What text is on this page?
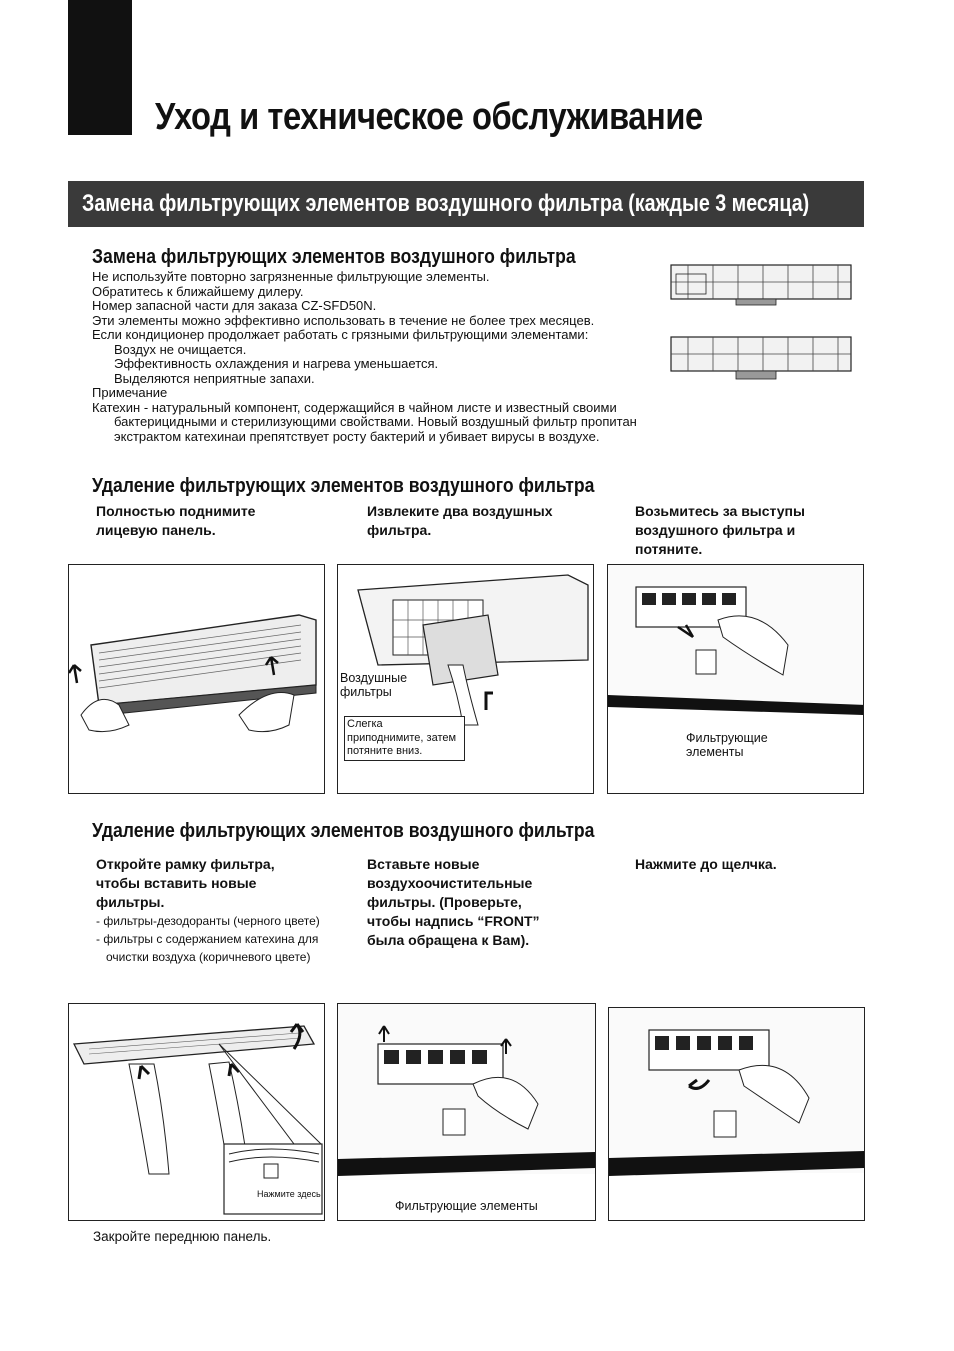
Уход и техническое обслуживание
Замена фильтрующих элементов воздушного фильтра (каждые 3 месяца)
Замена фильтрующих элементов воздушного фильтра
Не используйте повторно загрязненные фильтрующие элементы.
Обратитесь к ближайшему дилеру.
Номер запасной части для заказа CZ-SFD50N.
Эти элементы можно эффективно использовать в течение не более трех месяцев.
Если кондиционер продолжает работать с грязными фильтрующими элементами:
Воздух не очищается.
Эффективность охлаждения и нагрева уменьшается.
Выделяются неприятные запахи.
Примечание
Катехин - натуральный компонент, содержащийся в чайном листе и известный своими бактерицидными и стерилизующими свойствами. Новый воздушный фильтр пропитан экстрактом катехинаи препятствует росту бактерий и убивает вирусы в воздухе.
Удаление фильтрующих элементов воздушного фильтра
Полностью поднимите лицевую панель.
Извлеките два воздушных фильтра.
Возьмитесь за выступы воздушного фильтра и потяните.
Воздушные фильтры
Слегка приподнимите, затем потяните вниз.
Фильтрующие элементы
Удаление фильтрующих элементов воздушного фильтра
Откройте рамку фильтра, чтобы вставить новые фильтры.
- фильтры-дезодоранты (черного цвете)
- фильтры с содержанием катехина для очистки воздуха (коричневого цвете)
Вставьте новые воздухоочистительные фильтры. (Проверьте, чтобы надпись “FRONT” была обращена к Вам).
Нажмите до щелчка.
Нажмите здесь
Фильтрующие элементы
Закройте переднюю панель.
